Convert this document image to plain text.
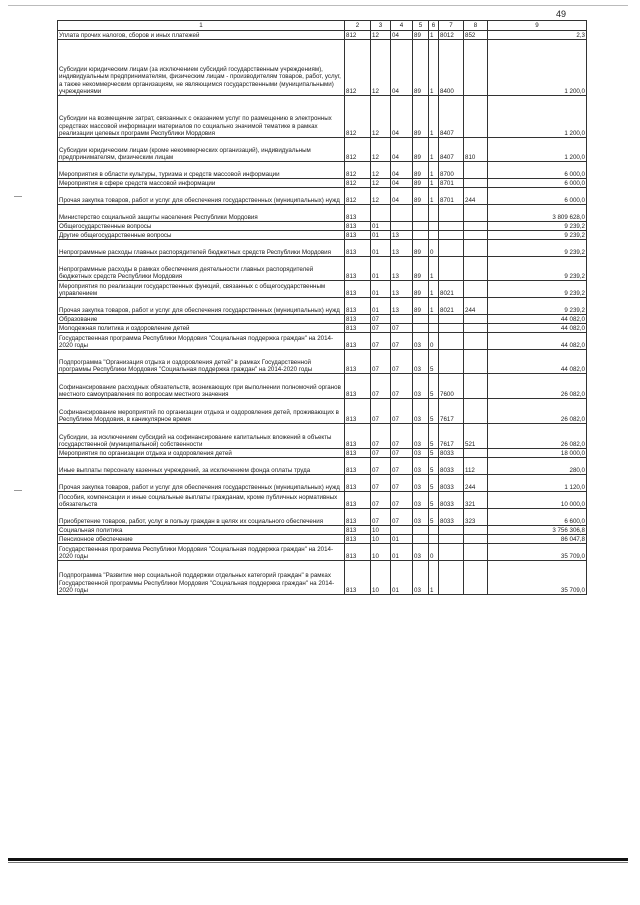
49
1	2	3	4	5	6	7	8	9
Уплата прочих налогов, сборов и иных платежей	812	12	04	89	1	8012	852	2,3
Субсидии юридическим лицам (за исключением субсидий государственным учреждениям), индивидуальным предпринимателям, физическим лицам - производителям товаров, работ, услуг, а также некоммерческим организациям, не являющимся государственными (муниципальными) учреждениями	812	12	04	89	1	8400		1 200,0
Субсидии на возмещение затрат, связанных с оказанием услуг по размещению в электронных средствах массовой информации материалов по социально значимой тематике в рамках реализации целевых программ Республики Мордовия	812	12	04	89	1	8407		1 200,0
Субсидии юридическим лицам (кроме некоммерческих организаций), индивидуальным предпринимателям, физическим лицам	812	12	04	89	1	8407	810	1 200,0
Мероприятия в области культуры, туризма и средств массовой информации	812	12	04	89	1	8700		6 000,0
Мероприятия в сфере средств массовой информации	812	12	04	89	1	8701		6 000,0
Прочая закупка товаров, работ и услуг для обеспечения государственных (муниципальных) нужд	812	12	04	89	1	8701	244	6 000,0
Министерство социальной защиты населения Республики Мордовия	813							3 809 628,0
Общегосударственные вопросы	813	01						9 239,2
Другие общегосударственные вопросы	813	01	13					9 239,2
Непрограммные расходы главных распорядителей бюджетных средств Республики Мордовия	813	01	13	89	0			9 239,2
Непрограммные расходы в рамках обеспечения деятельности главных распорядителей бюджетных средств Республики Мордовия	813	01	13	89	1			9 239,2
Мероприятия по реализации государственных функций, связанных с общегосударственным управлением	813	01	13	89	1	8021		9 239,2
Прочая закупка товаров, работ и услуг для обеспечения государственных (муниципальных) нужд	813	01	13	89	1	8021	244	9 239,2
Образование	813	07						44 082,0
Молодежная политика и оздоровление детей	813	07	07					44 082,0
Государственная программа Республики Мордовия "Социальная поддержка граждан" на 2014-2020 годы	813	07	07	03	0			44 082,0
Подпрограмма "Организация отдыха и оздоровления детей" в рамках Государственной программы Республики Мордовия "Социальная поддержка граждан" на 2014-2020 годы	813	07	07	03	5			44 082,0
Софинансирование расходных обязательств, возникающих при выполнении полномочий органов местного самоуправления по вопросам местного значения	813	07	07	03	5	7600		26 082,0
Софинансирование мероприятий по организации отдыха и оздоровления детей, проживающих в Республике Мордовия, в каникулярное время	813	07	07	03	5	7617		26 082,0
Субсидии, за исключением субсидий на софинансирование капитальных вложений в объекты государственной (муниципальной) собственности	813	07	07	03	5	7617	521	26 082,0
Мероприятия по организации отдыха и оздоровления детей	813	07	07	03	5	8033		18 000,0
Иные выплаты персоналу казенных учреждений, за исключением фонда оплаты труда	813	07	07	03	5	8033	112	280,0
Прочая закупка товаров, работ и услуг для обеспечения государственных (муниципальных) нужд	813	07	07	03	5	8033	244	1 120,0
Пособия, компенсации и иные социальные выплаты гражданам, кроме публичных нормативных обязательств	813	07	07	03	5	8033	321	10 000,0
Приобретение товаров, работ, услуг в пользу граждан в целях их социального обеспечения	813	07	07	03	5	8033	323	6 600,0
Социальная политика	813	10						3 756 306,8
Пенсионное обеспечение	813	10	01					86 047,8
Государственная программа Республики Мордовия "Социальная поддержка граждан" на 2014-2020 годы	813	10	01	03	0			35 709,0
Подпрограмма "Развитие мер социальной поддержки отдельных категорий граждан" в рамках Государственной программы Республики Мордовия "Социальная поддержка граждан" на 2014-2020 годы	813	10	01	03	1			35 709,0
